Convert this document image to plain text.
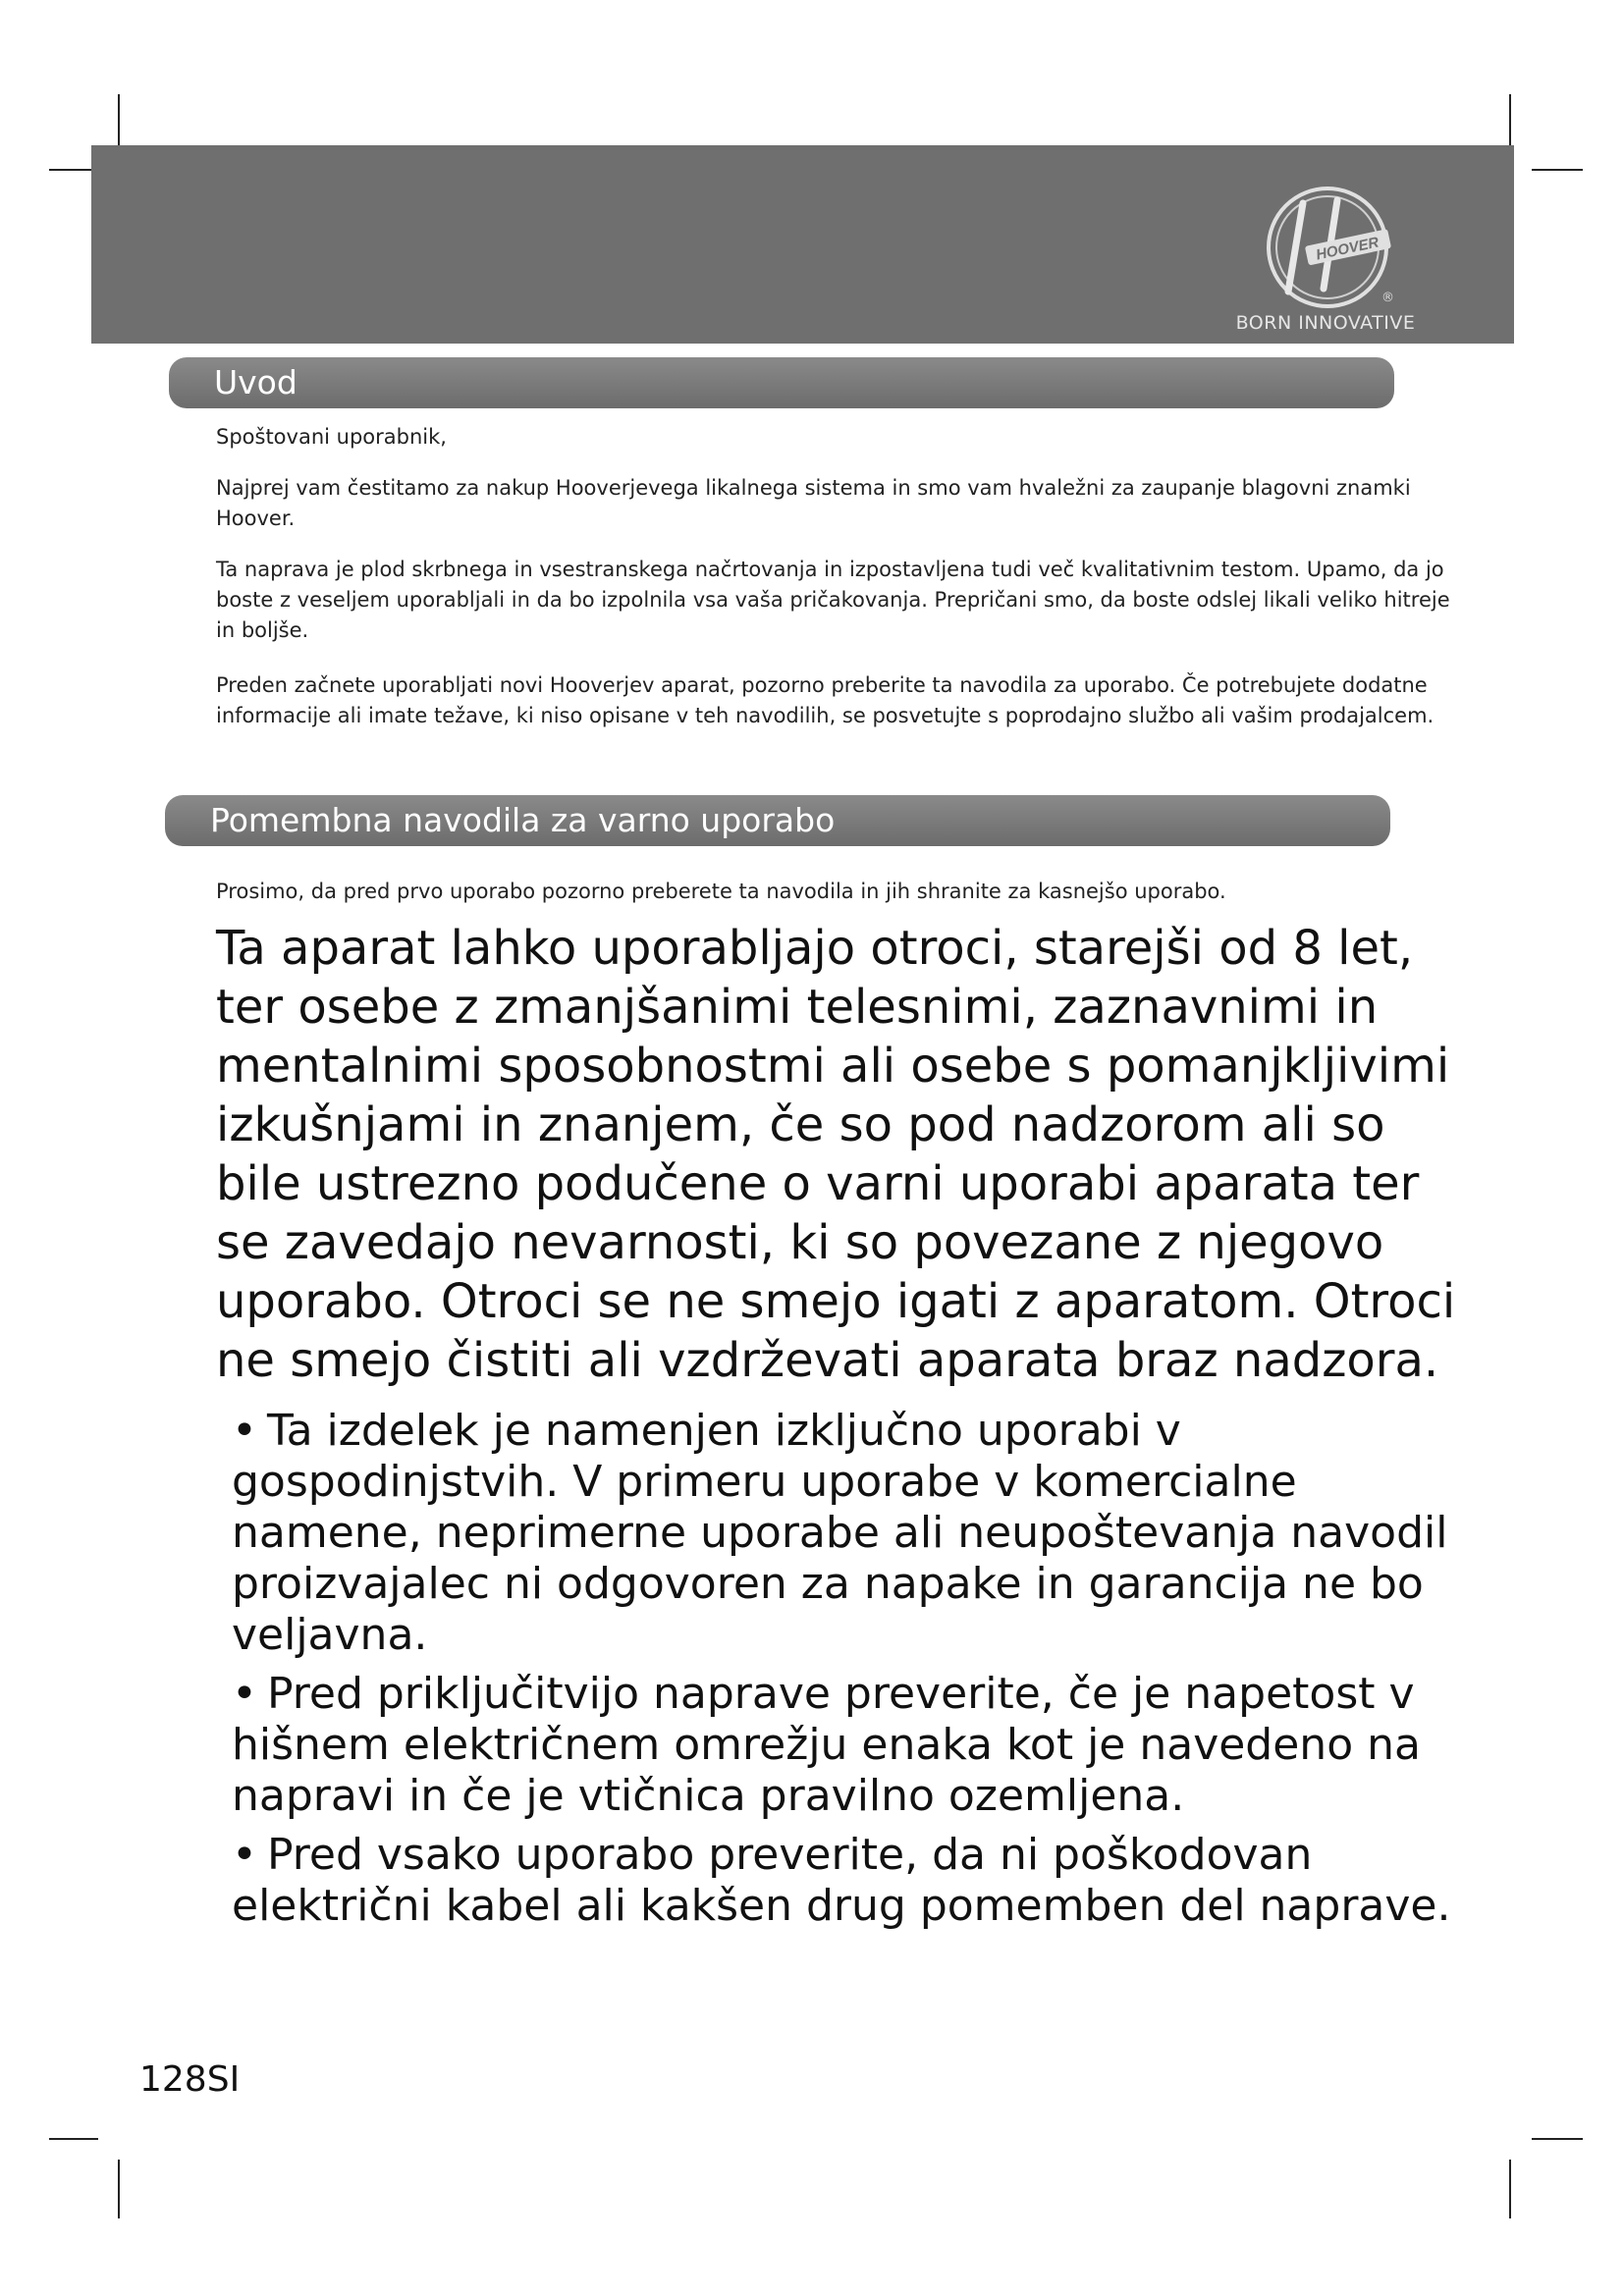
HOOVER
®
BORN INNOVATIVE
Uvod
Spoštovani uporabnik,
Najprej vam čestitamo za nakup Hooverjevega likalnega sistema in smo vam hvaležni za zaupanje blagovni znamki Hoover.
Ta naprava je plod skrbnega in vsestranskega načrtovanja in izpostavljena tudi več kvalitativnim testom. Upamo, da jo boste z veseljem uporabljali in da bo izpolnila vsa vaša pričakovanja. Prepričani smo, da boste odslej likali veliko hitreje in boljše.
Preden začnete uporabljati novi Hooverjev aparat, pozorno preberite ta navodila za uporabo. Če potrebujete dodatne informacije ali imate težave, ki niso opisane v teh navodilih, se posvetujte s poprodajno službo ali vašim prodajalcem.
Pomembna navodila za varno uporabo
Prosimo, da pred prvo uporabo pozorno preberete ta navodila in jih shranite za kasnejšo uporabo.
Ta aparat lahko uporabljajo otroci, starejši od 8 let, ter osebe z zmanjšanimi telesnimi, zaznavnimi in mentalnimi sposobnostmi ali osebe s pomanjkljivimi izkušnjami in znanjem, če so pod nadzorom ali so bile ustrezno podučene o varni uporabi aparata ter se zavedajo nevarnosti, ki so povezane z njegovo uporabo. Otroci se ne smejo igati z aparatom. Otroci ne smejo čistiti ali vzdrževati aparata braz nadzora.
• Ta izdelek je namenjen izključno uporabi v gospodinjstvih. V primeru uporabe v komercialne namene, neprimerne uporabe ali neupoštevanja navodil proizvajalec ni odgovoren za napake in garancija ne bo veljavna.
• Pred priključitvijo naprave preverite, če je napetost v hišnem električnem omrežju enaka kot je navedeno na napravi in če je vtičnica pravilno ozemljena.
• Pred vsako uporabo preverite, da ni poškodovan električni kabel ali kakšen drug pomemben del naprave.
128SI
